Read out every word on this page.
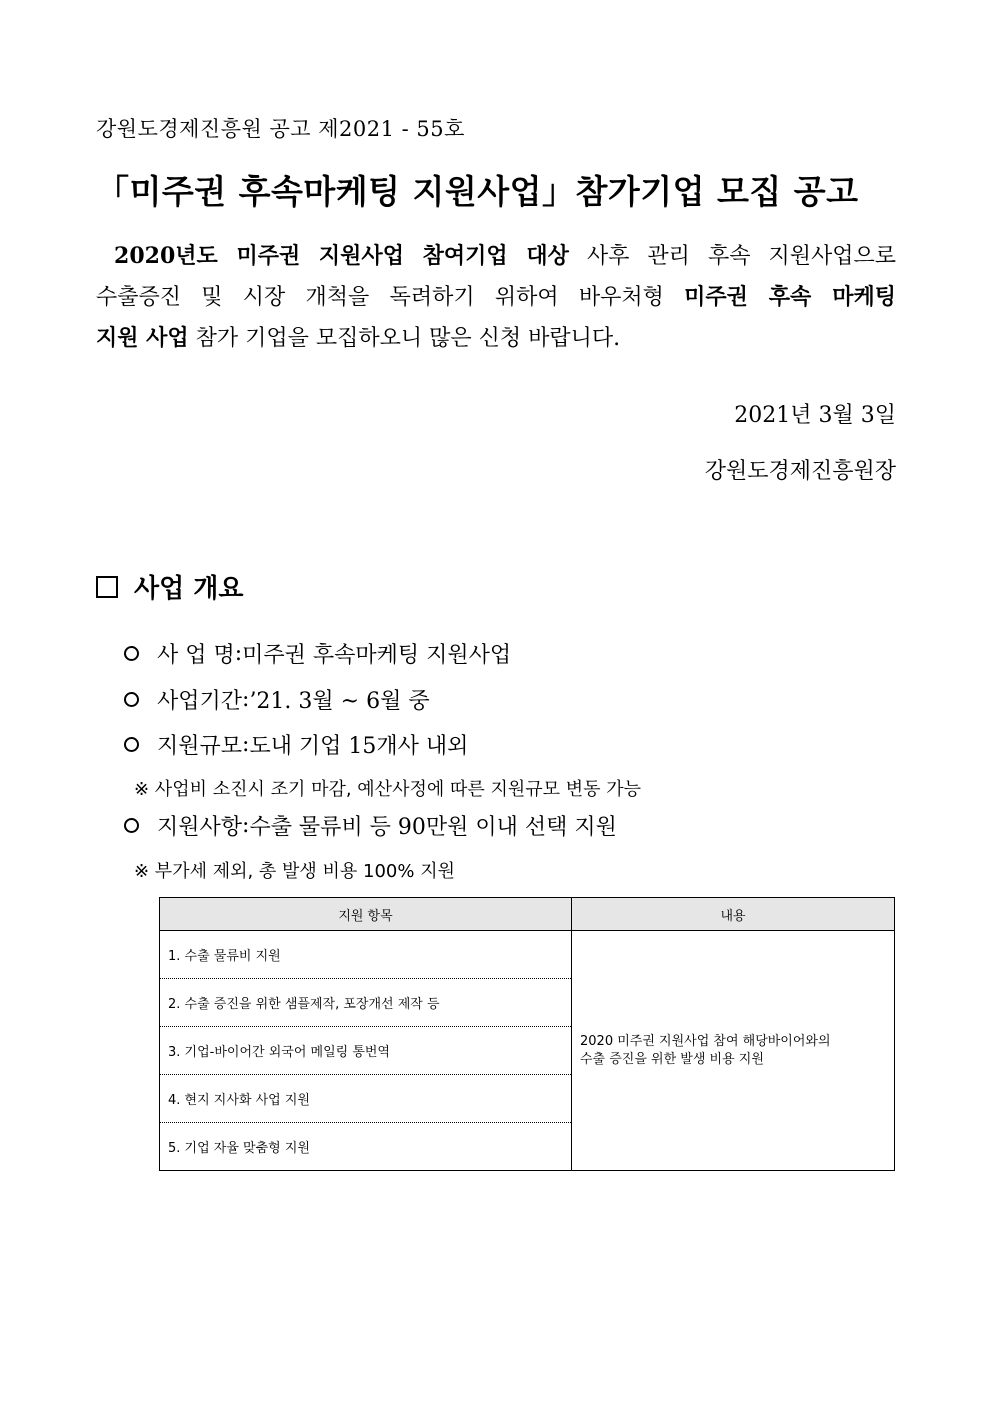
강원도경제진흥원 공고 제2021 - 55호
「미주권 후속마케팅 지원사업」참가기업 모집 공고
2020년도 미주권 지원사업 참여기업 대상 사후 관리 후속 지원사업으로
수출증진 및 시장 개척을 독려하기 위하여 바우처형 미주권 후속 마케팅
지원 사업 참가 기업을 모집하오니 많은 신청 바랍니다.
2021년 3월 3일
강원도경제진흥원장
사업 개요
사 업 명 : 미주권 후속마케팅 지원사업
사업기간 : ’21. 3월 ~ 6월 중
지원규모 : 도내 기업 15개사 내외
※ 사업비 소진시 조기 마감, 예산사정에 따른 지원규모 변동 가능
지원사항 : 수출 물류비 등 90만원 이내 선택 지원
※ 부가세 제외, 총 발생 비용 100% 지원
지원 항목	내용
1. 수출 물류비 지원	2020 미주권 지원사업 참여 해당바이어와의
수출 증진을 위한 발생 비용 지원
2. 수출 증진을 위한 샘플제작, 포장개선 제작 등	
3. 기업-바이어간 외국어 메일링 통번역	
4. 현지 지사화 사업 지원	
5. 기업 자율 맞춤형 지원	
